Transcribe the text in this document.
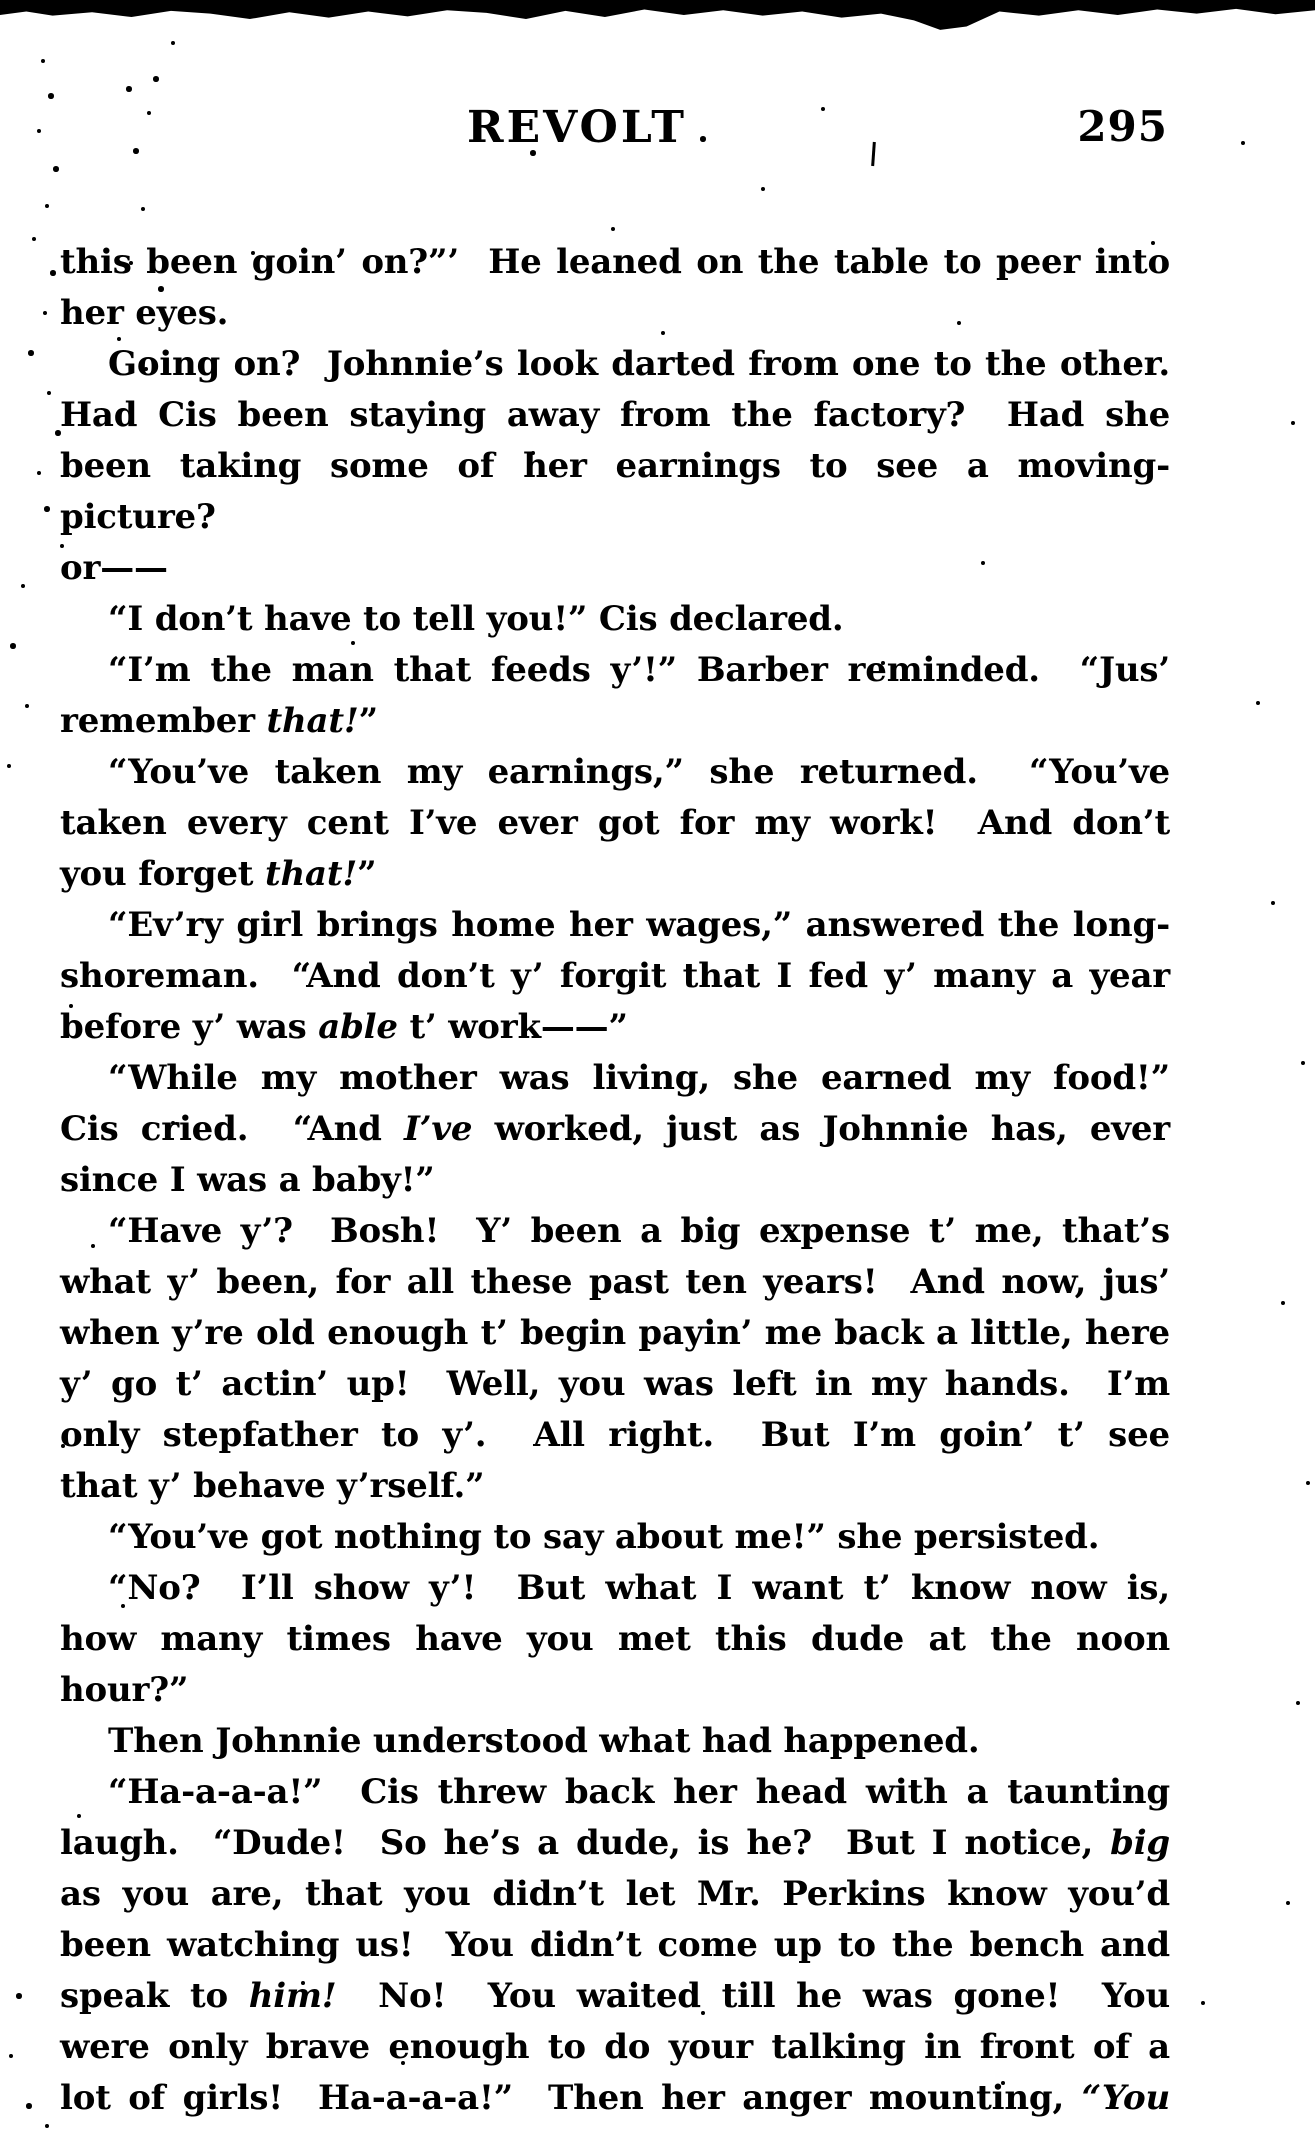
REVOLT	295
this been goin’ on?”’  He leaned on the table to peer into
her eyes.
Going on?  Johnnie’s look darted from one to the other.
Had Cis been staying away from the factory?  Had she
been taking some of her earnings to see a moving-picture?
or——
“I don’t have to tell you!” Cis declared.
“I’m the man that feeds y’!” Barber reminded.  “Jus’
remember that!”
“You’ve taken my earnings,” she returned.  “You’ve
taken every cent I’ve ever got for my work!  And don’t
you forget that!”
“Ev’ry girl brings home her wages,” answered the long-
shoreman.  “And don’t y’ forgit that I fed y’ many a year
before y’ was able t’ work——”
“While my mother was living, she earned my food!”
Cis cried.  “And I’ve worked, just as Johnnie has, ever
since I was a baby!”
“Have y’?  Bosh!  Y’ been a big expense t’ me, that’s
what y’ been, for all these past ten years!  And now, jus’
when y’re old enough t’ begin payin’ me back a little, here
y’ go t’ actin’ up!  Well, you was left in my hands.  I’m
only stepfather to y’.  All right.  But I’m goin’ t’ see
that y’ behave y’rself.”
“You’ve got nothing to say about me!” she persisted.
“No?  I’ll show y’!  But what I want t’ know now is,
how many times have you met this dude at the noon hour?”
Then Johnnie understood what had happened.
“Ha-a-a-a!”  Cis threw back her head with a taunting
laugh.  “Dude!  So he’s a dude, is he?  But I notice, big
as you are, that you didn’t let Mr. Perkins know you’d
been watching us!  You didn’t come up to the bench and
speak to him!  No!  You waited till he was gone!  You
were only brave enough to do your talking in front of a
lot of girls!  Ha-a-a-a!”  Then her anger mounting, “You
